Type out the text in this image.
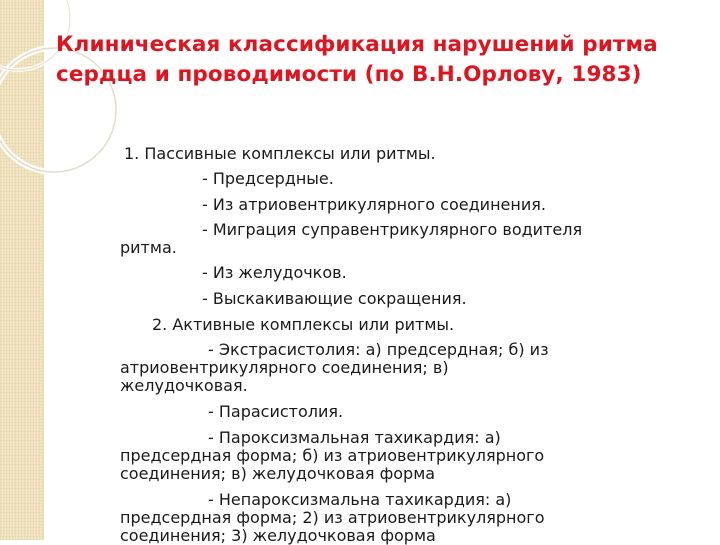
Клиническая классификация нарушений ритма сердца и проводимости (по В.Н.Орлову, 1983)
1. Пассивные комплексы или ритмы.
- Предсердные.
- Из атриовентрикулярного соединения.
- Миграция суправентрикулярного водителя
ритма.
- Из желудочков.
- Выскакивающие сокращения.
2. Активные комплексы или ритмы.
- Экстрасистолия: а) предсердная; б) из
атриовентрикулярного соединения; в)
желудочковая.
- Парасистолия.
- Пароксизмальная тахикардия: а)
предсердная форма; б) из атриовентрикулярного
соединения; в) желудочковая форма
- Непароксизмальна тахикардия: а)
предсердная форма; 2) из атриовентрикулярного
соединения; 3) желудочковая форма
